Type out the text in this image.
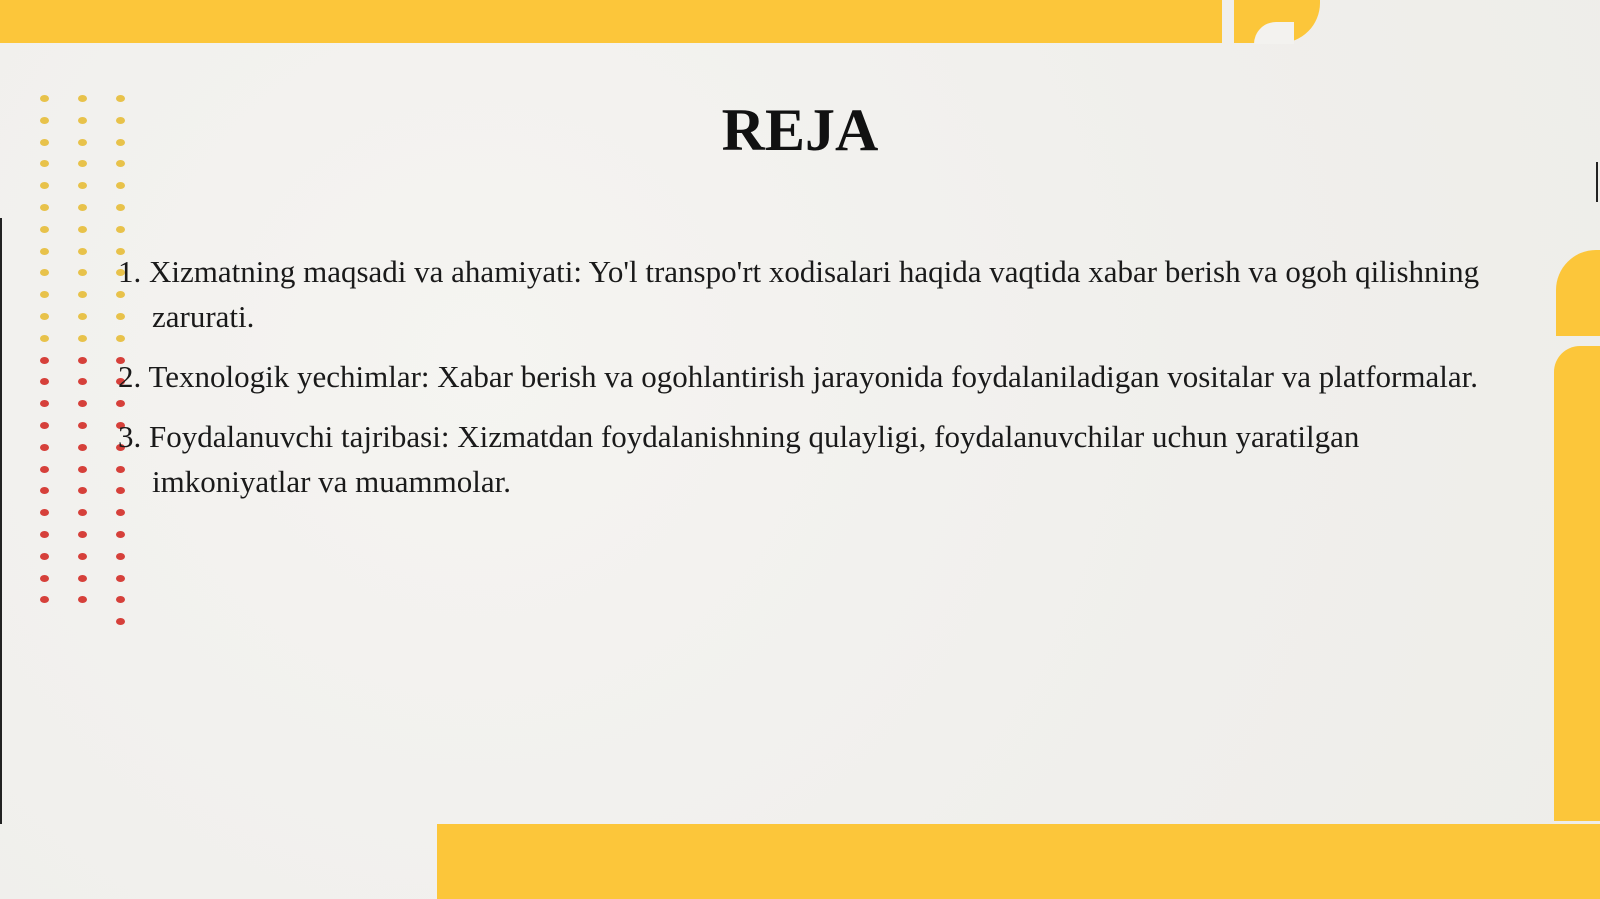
REJA
1. Xizmatning maqsadi va ahamiyati: Yo'l transpo'rt xodisalari haqida vaqtida xabar berish va ogoh qilishning zarurati.
2. Texnologik yechimlar: Xabar berish va ogohlantirish jarayonida foydalaniladigan vositalar va platformalar.
3. Foydalanuvchi tajribasi: Xizmatdan foydalanishning qulayligi, foydalanuvchilar uchun yaratilgan imkoniyatlar va muammolar.
